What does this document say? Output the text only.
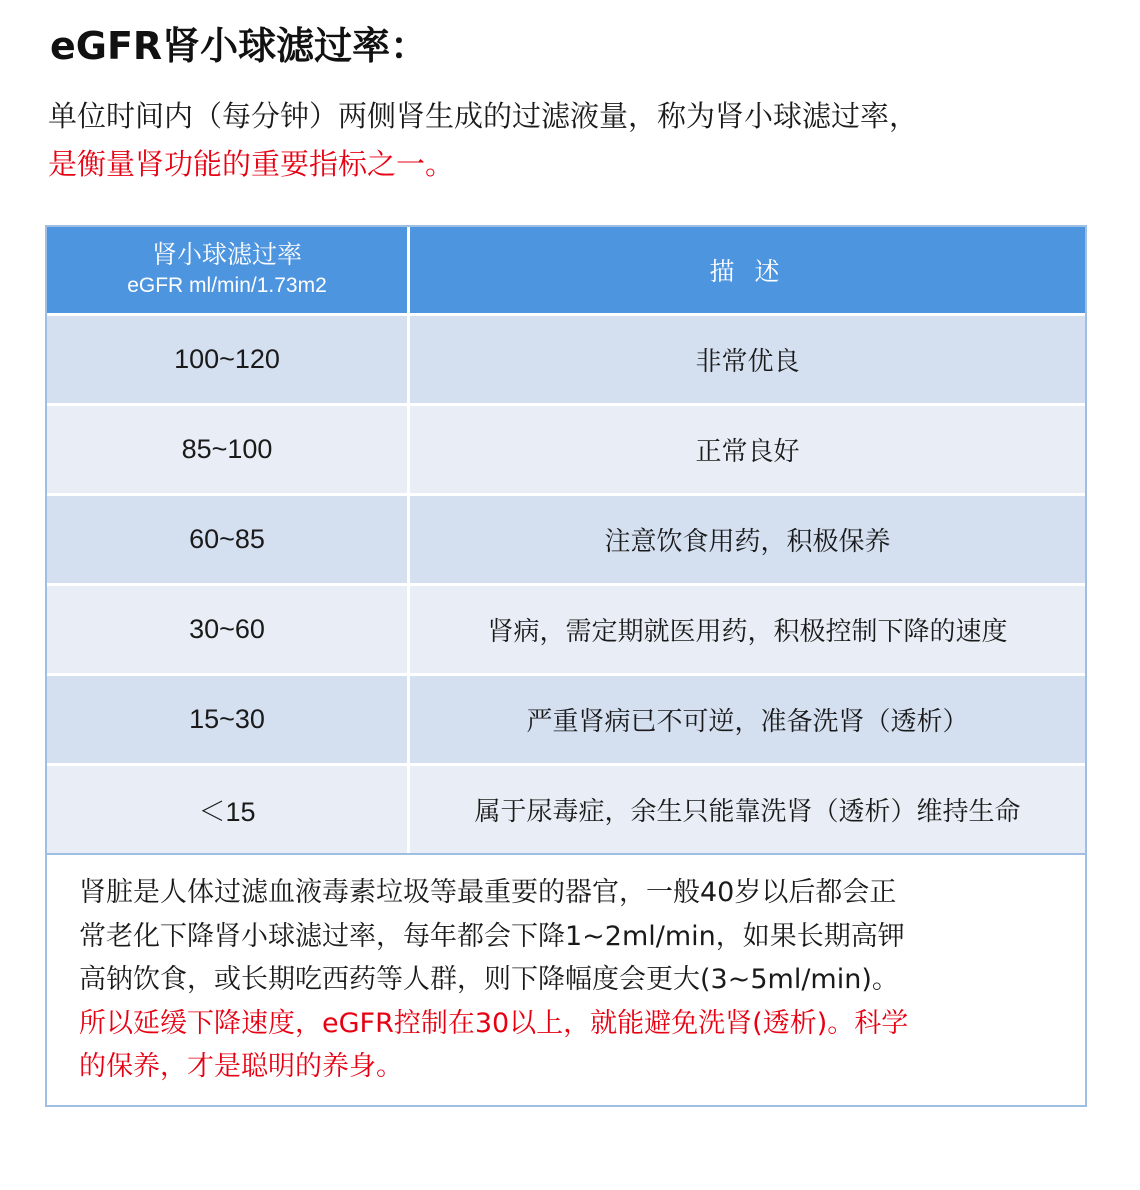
eGFR肾小球滤过率：
单位时间内（每分钟）两侧肾生成的过滤液量，称为肾小球滤过率，
是衡量肾功能的重要指标之一。
肾小球滤过率
eGFR ml/min/1.73m2	描 述
100~120	非常优良
85~100	正常良好
60~85	注意饮食用药，积极保养
30~60	肾病，需定期就医用药，积极控制下降的速度
15~30	严重肾病已不可逆，准备洗肾（透析）
＜15	属于尿毒症，余生只能靠洗肾（透析）维持生命
肾脏是人体过滤血液毒素垃圾等最重要的器官，一般40岁以后都会正
常老化下降肾小球滤过率，每年都会下降1~2ml/min，如果长期高钾
高钠饮食，或长期吃西药等人群，则下降幅度会更大(3~5ml/min)。
所以延缓下降速度，eGFR控制在30以上，就能避免洗肾(透析)。科学
的保养，才是聪明的养身。
